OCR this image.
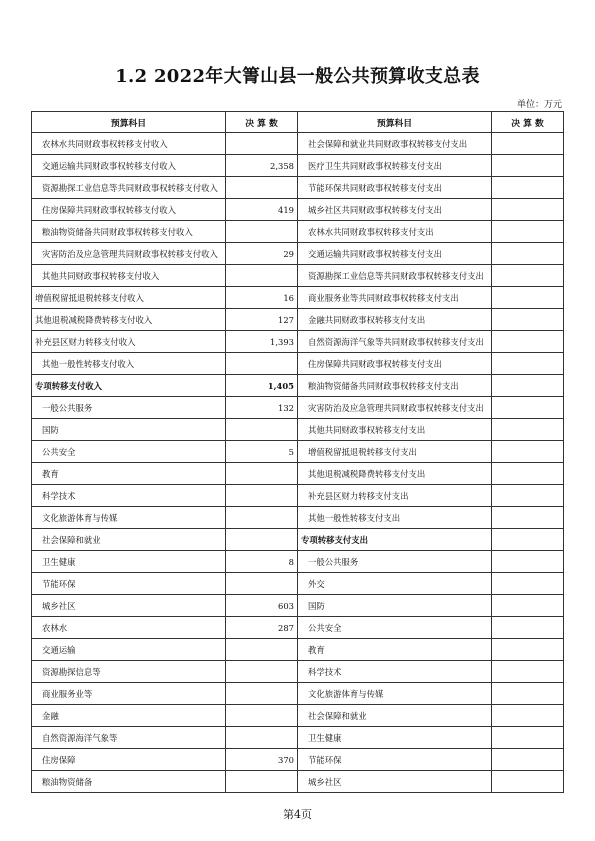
1.2 2022年大箐山县一般公共预算收支总表
单位：万元
预算科目	决 算 数	预算科目	决 算 数
农林水共同财政事权转移支付收入		社会保障和就业共同财政事权转移支付支出	
交通运输共同财政事权转移支付收入	2,358	医疗卫生共同财政事权转移支付支出	
资源勘探工业信息等共同财政事权转移支付收入		节能环保共同财政事权转移支付支出	
住房保障共同财政事权转移支付收入	419	城乡社区共同财政事权转移支付支出	
粮油物资储备共同财政事权转移支付收入		农林水共同财政事权转移支付支出	
灾害防治及应急管理共同财政事权转移支付收入	29	交通运输共同财政事权转移支付支出	
其他共同财政事权转移支付收入		资源勘探工业信息等共同财政事权转移支付支出	
增值税留抵退税转移支付收入	16	商业服务业等共同财政事权转移支付支出	
其他退税减税降费转移支付收入	127	金融共同财政事权转移支付支出	
补充县区财力转移支付收入	1,393	自然资源海洋气象等共同财政事权转移支付支出	
其他一般性转移支付收入		住房保障共同财政事权转移支付支出	
专项转移支付收入	1,405	粮油物资储备共同财政事权转移支付支出	
一般公共服务	132	灾害防治及应急管理共同财政事权转移支付支出	
国防		其他共同财政事权转移支付支出	
公共安全	5	增值税留抵退税转移支付支出	
教育		其他退税减税降费转移支付支出	
科学技术		补充县区财力转移支付支出	
文化旅游体育与传媒		其他一般性转移支付支出	
社会保障和就业		专项转移支付支出	
卫生健康	8	一般公共服务	
节能环保		外交	
城乡社区	603	国防	
农林水	287	公共安全	
交通运输		教育	
资源勘探信息等		科学技术	
商业服务业等		文化旅游体育与传媒	
金融		社会保障和就业	
自然资源海洋气象等		卫生健康	
住房保障	370	节能环保	
粮油物资储备		城乡社区	
第4页
